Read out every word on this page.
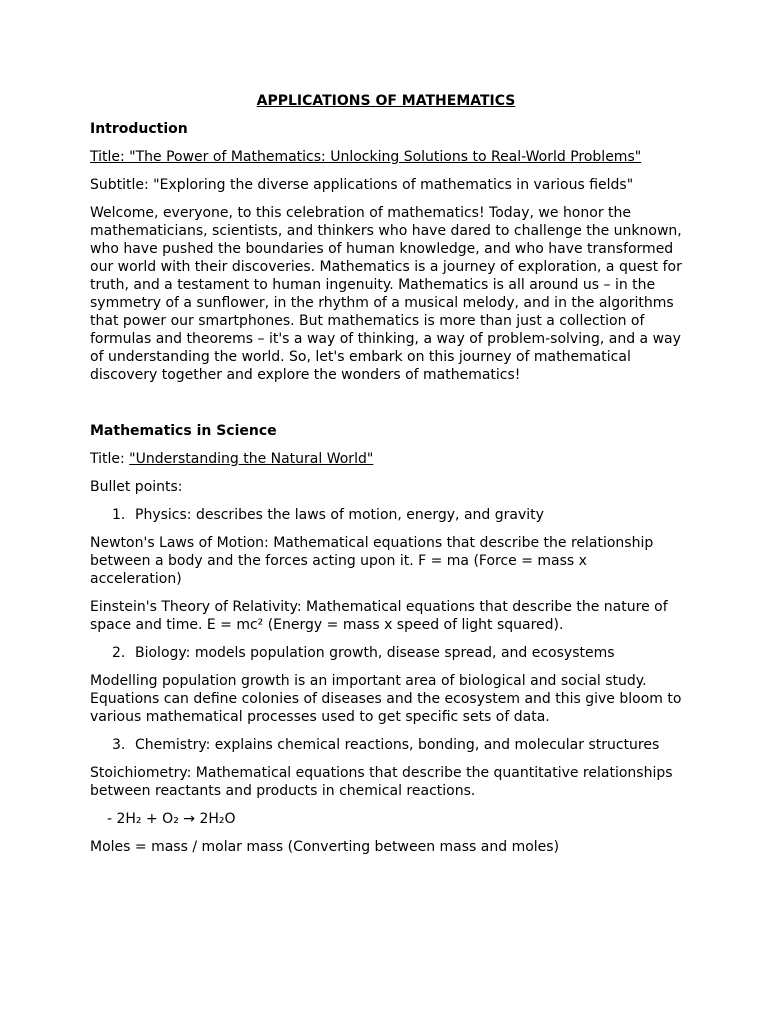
APPLICATIONS OF MATHEMATICS
Introduction

Title: "The Power of Mathematics: Unlocking Solutions to Real-World Problems"

Subtitle: "Exploring the diverse applications of mathematics in various fields"

Welcome, everyone, to this celebration of mathematics! Today, we honor the mathematicians, scientists, and thinkers who have dared to challenge the unknown, who have pushed the boundaries of human knowledge, and who have transformed our world with their discoveries. Mathematics is a journey of exploration, a quest for truth, and a testament to human ingenuity. Mathematics is all around us – in the symmetry of a sunflower, in the rhythm of a musical melody, and in the algorithms that power our smartphones. But mathematics is more than just a collection of formulas and theorems – it's a way of thinking, a way of problem-solving, and a way of understanding the world. So, let's embark on this journey of mathematical discovery together and explore the wonders of mathematics!

Mathematics in Science

Title: "Understanding the Natural World"

Bullet points:

1. Physics: describes the laws of motion, energy, and gravity

Newton's Laws of Motion: Mathematical equations that describe the relationship between a body and the forces acting upon it. F = ma (Force = mass x acceleration)

Einstein's Theory of Relativity: Mathematical equations that describe the nature of space and time. E = mc² (Energy = mass x speed of light squared).

2. Biology: models population growth, disease spread, and ecosystems

Modelling population growth is an important area of biological and social study. Equations can define colonies of diseases and the ecosystem and this give bloom to various mathematical processes used to get specific sets of data.

3. Chemistry: explains chemical reactions, bonding, and molecular structures

Stoichiometry: Mathematical equations that describe the quantitative relationships between reactants and products in chemical reactions.

- 2H₂ + O₂ → 2H₂O

Moles = mass / molar mass (Converting between mass and moles)
